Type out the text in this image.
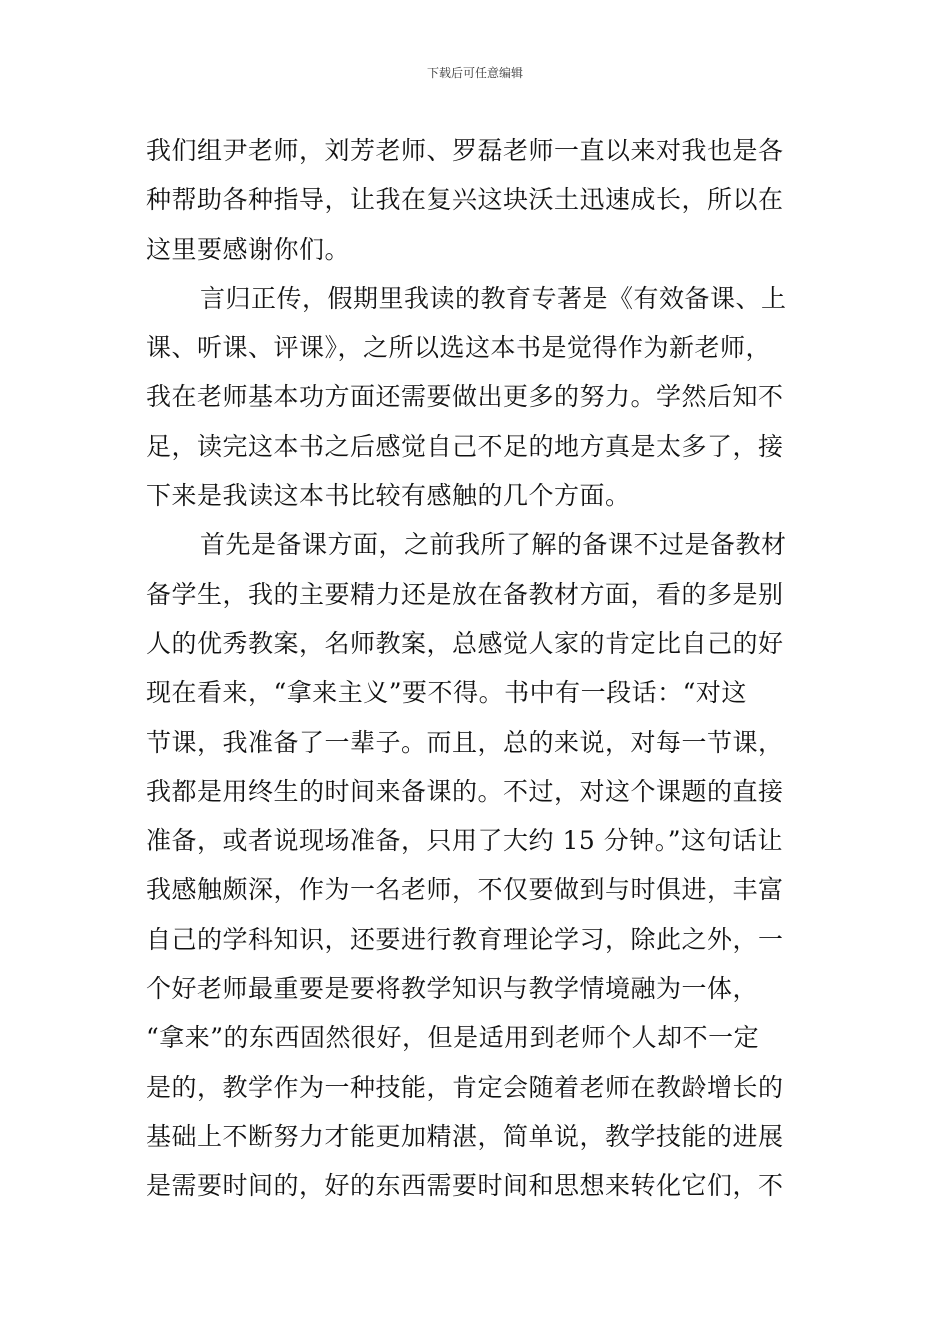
下载后可任意编辑
我们组尹老师，刘芳老师、罗磊老师一直以来对我也是各
种帮助各种指导，让我在复兴这块沃土迅速成长，所以在
这里要感谢你们。
言归正传，假期里我读的教育专著是《有效备课、上
课、听课、评课》，之所以选这本书是觉得作为新老师，
我在老师基本功方面还需要做出更多的努力。学然后知不
足，读完这本书之后感觉自己不足的地方真是太多了，接
下来是我读这本书比较有感触的几个方面。
首先是备课方面，之前我所了解的备课不过是备教材
备学生，我的主要精力还是放在备教材方面，看的多是别
人的优秀教案，名师教案，总感觉人家的肯定比自己的好
现在看来，“拿来主义”要不得。书中有一段话：“对这
节课，我准备了一辈子。而且，总的来说，对每一节课，
我都是用终生的时间来备课的。不过，对这个课题的直接
准备，或者说现场准备，只用了大约 15 分钟。”这句话让
我感触颇深，作为一名老师，不仅要做到与时俱进，丰富
自己的学科知识，还要进行教育理论学习，除此之外，一
个好老师最重要是要将教学知识与教学情境融为一体，
“拿来”的东西固然很好，但是适用到老师个人却不一定
是的，教学作为一种技能，肯定会随着老师在教龄增长的
基础上不断努力才能更加精湛，简单说，教学技能的进展
是需要时间的，好的东西需要时间和思想来转化它们，不
